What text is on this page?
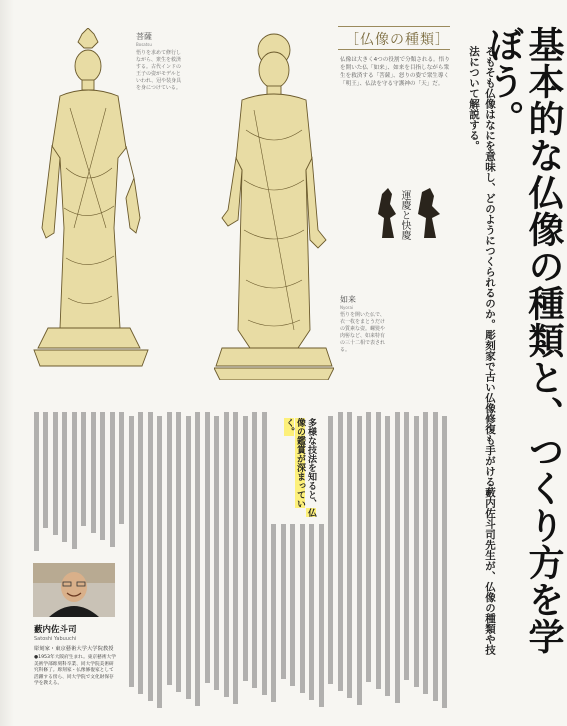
菩薩
Bosatsu
悟りを求めて修行しながら、衆生を救済する。古代インドの王子の姿がモデルといわれ、冠や装身具を身につけている。
如来
Nyorai
悟りを開いた仏で、衣一枚をまとうだけの質素な姿。螺髪や肉髻など、如来特有の三十二相で表される。
［仏像の種類］
仏像は大きく4つの役割で分類される。悟りを開いた仏「如来」、如来を目指しながら衆生を救済する「菩薩」、怒りの姿で衆生導く「明王」、仏法を守る守護神の「天」だ。
運慶と快慶	基本的な仏像の種類と、つくり方を学ぼう。
そもそも仏像はなにを意味し、どのようにつくられるのか。彫刻家で古い仏像修復も手がける藪内佐斗司先生が、仏像の種類や技法について解説する。
多様な技法を知ると、仏像の鑑賞が深まっていく。
藪内佐斗司
Satoshi Yabuuchi
彫刻家・東京藝術大学大学院教授
●1953年大阪府生まれ。東京藝術大学美術学部彫刻科卒業、同大学院美術研究科修了。彫刻家・仏像修復家として活躍する傍ら、同大学院で文化財保存学を教える。
